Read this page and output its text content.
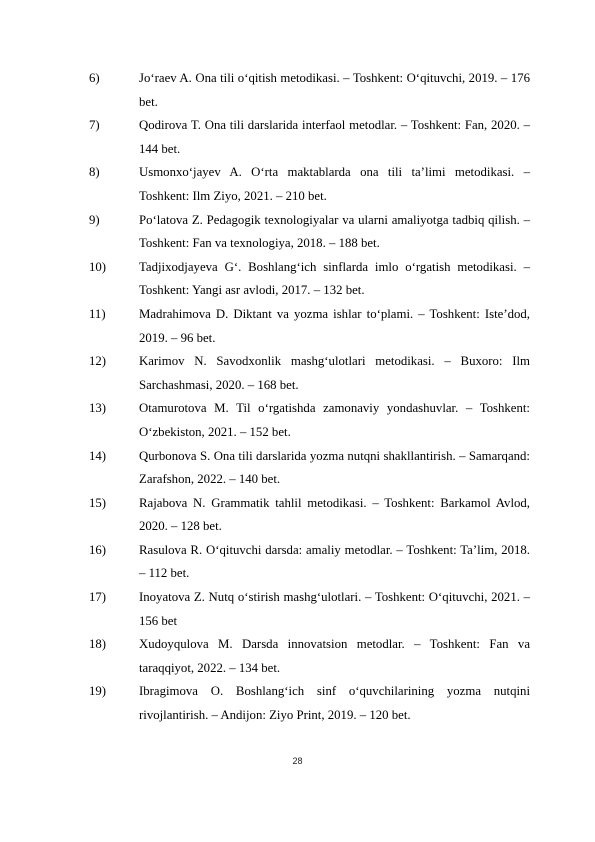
6)	Jo‘raev A. Ona tili o‘qitish metodikasi. – Toshkent: O‘qituvchi, 2019. – 176 bet.
7)	Qodirova T. Ona tili darslarida interfaol metodlar. – Toshkent: Fan, 2020. – 144 bet.
8)	Usmonxo‘jayev A. O‘rta maktablarda ona tili ta’limi metodikasi. – Toshkent: Ilm Ziyo, 2021. – 210 bet.
9)	Po‘latova Z. Pedagogik texnologiyalar va ularni amaliyotga tadbiq qilish. – Toshkent: Fan va texnologiya, 2018. – 188 bet.
10)	Tadjixodjayeva G‘. Boshlang‘ich sinflarda imlo o‘rgatish metodikasi. – Toshkent: Yangi asr avlodi, 2017. – 132 bet.
11)	Madrahimova D. Diktant va yozma ishlar to‘plami. – Toshkent: Iste’dod, 2019. – 96 bet.
12)	Karimov N. Savodxonlik mashg‘ulotlari metodikasi. – Buxoro: Ilm Sarchashmasi, 2020. – 168 bet.
13)	Otamurotova M. Til o‘rgatishda zamonaviy yondashuvlar. – Toshkent: O‘zbekiston, 2021. – 152 bet.
14)	Qurbonova S. Ona tili darslarida yozma nutqni shakllantirish. – Samarqand: Zarafshon, 2022. – 140 bet.
15)	Rajabova N. Grammatik tahlil metodikasi. – Toshkent: Barkamol Avlod, 2020. – 128 bet.
16)	Rasulova R. O‘qituvchi darsda: amaliy metodlar. – Toshkent: Ta’lim, 2018. – 112 bet.
17)	Inoyatova Z. Nutq o‘stirish mashg‘ulotlari. – Toshkent: O‘qituvchi, 2021. – 156 bet
18)	Xudoyqulova M. Darsda innovatsion metodlar. – Toshkent: Fan va taraqqiyot, 2022. – 134 bet.
19)	Ibragimova O. Boshlang‘ich sinf o‘quvchilarining yozma nutqini rivojlantirish. – Andijon: Ziyo Print, 2019. – 120 bet.
28
